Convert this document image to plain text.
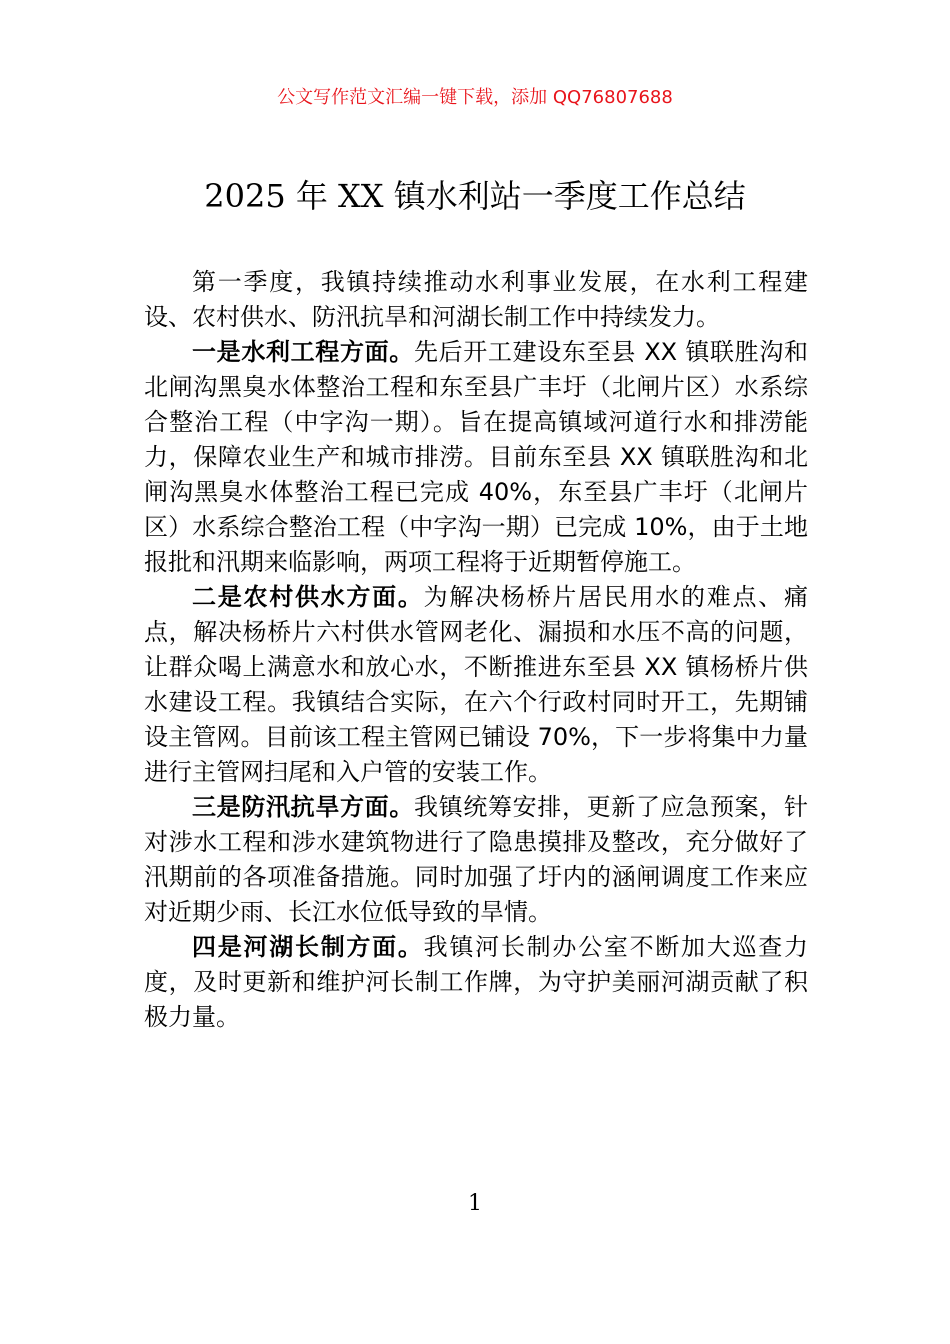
公文写作范文汇编一键下载，添加 QQ76807688
2025 年 XX 镇水利站一季度工作总结

第一季度，我镇持续推动水利事业发展，在水利工程建设、农村供水、防汛抗旱和河湖长制工作中持续发力。

一是水利工程方面。先后开工建设东至县 XX 镇联胜沟和北闸沟黑臭水体整治工程和东至县广丰圩（北闸片区）水系综合整治工程（中字沟一期）。旨在提高镇域河道行水和排涝能力，保障农业生产和城市排涝。目前东至县 XX 镇联胜沟和北闸沟黑臭水体整治工程已完成 40%，东至县广丰圩（北闸片区）水系综合整治工程（中字沟一期）已完成 10%，由于土地报批和汛期来临影响，两项工程将于近期暂停施工。

二是农村供水方面。为解决杨桥片居民用水的难点、痛点，解决杨桥片六村供水管网老化、漏损和水压不高的问题，让群众喝上满意水和放心水，不断推进东至县 XX 镇杨桥片供水建设工程。我镇结合实际，在六个行政村同时开工，先期铺设主管网。目前该工程主管网已铺设 70%，下一步将集中力量进行主管网扫尾和入户管的安装工作。

三是防汛抗旱方面。我镇统筹安排，更新了应急预案，针对涉水工程和涉水建筑物进行了隐患摸排及整改，充分做好了汛期前的各项准备措施。同时加强了圩内的涵闸调度工作来应对近期少雨、长江水位低导致的旱情。

四是河湖长制方面。我镇河长制办公室不断加大巡查力度，及时更新和维护河长制工作牌，为守护美丽河湖贡献了积极力量。

1
